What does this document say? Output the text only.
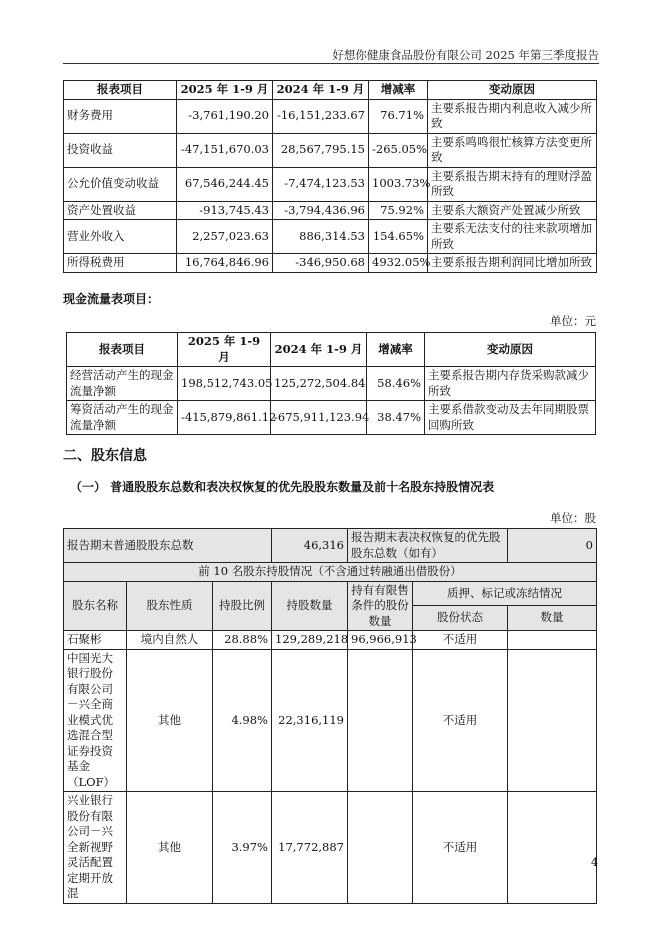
好想你健康食品股份有限公司 2025 年第三季度报告
报表项目	2025 年 1-9 月	2024 年 1-9 月	增减率	变动原因
财务费用	-3,761,190.20	-16,151,233.67	76.71%	主要系报告期内利息收入减少所致
投资收益	-47,151,670.03	28,567,795.15	-265.05%	主要系鸣鸣很忙核算方法变更所致
公允价值变动收益	67,546,244.45	-7,474,123.53	1003.73%	主要系报告期末持有的理财浮盈所致
资产处置收益	-913,745.43	-3,794,436.96	75.92%	主要系大额资产处置减少所致
营业外收入	2,257,023.63	886,314.53	154.65%	主要系无法支付的往来款项增加所致
所得税费用	16,764,846.96	-346,950.68	4932.05%	主要系报告期利润同比增加所致
现金流量表项目：
单位：元
报表项目	2025 年 1-9 月	2024 年 1-9 月	增减率	变动原因
经营活动产生的现金流量净额	198,512,743.05	125,272,504.84	58.46%	主要系报告期内存货采购款减少所致
筹资活动产生的现金流量净额	-415,879,861.12	-675,911,123.94	38.47%	主要系借款变动及去年同期股票回购所致
二、股东信息
（一） 普通股股东总数和表决权恢复的优先股股东数量及前十名股东持股情况表
单位：股
报告期末普通股股东总数			46,316	报告期末表决权恢复的优先股股东总数（如有）		0
前 10 名股东持股情况（不含通过转融通出借股份）						
股东名称	股东性质	持股比例	持股数量	持有有限售条件的股份数量	质押、标记或冻结情况	
					股份状态	数量
石聚彬	境内自然人	28.88%	129,289,218	96,966,913	不适用	
中国光大银行股份有限公司－兴全商业模式优选混合型证券投资基金（LOF）	其他	4.98%	22,316,119		不适用	
兴业银行股份有限公司－兴全新视野灵活配置定期开放混	其他	3.97%	17,772,887		不适用	
4
